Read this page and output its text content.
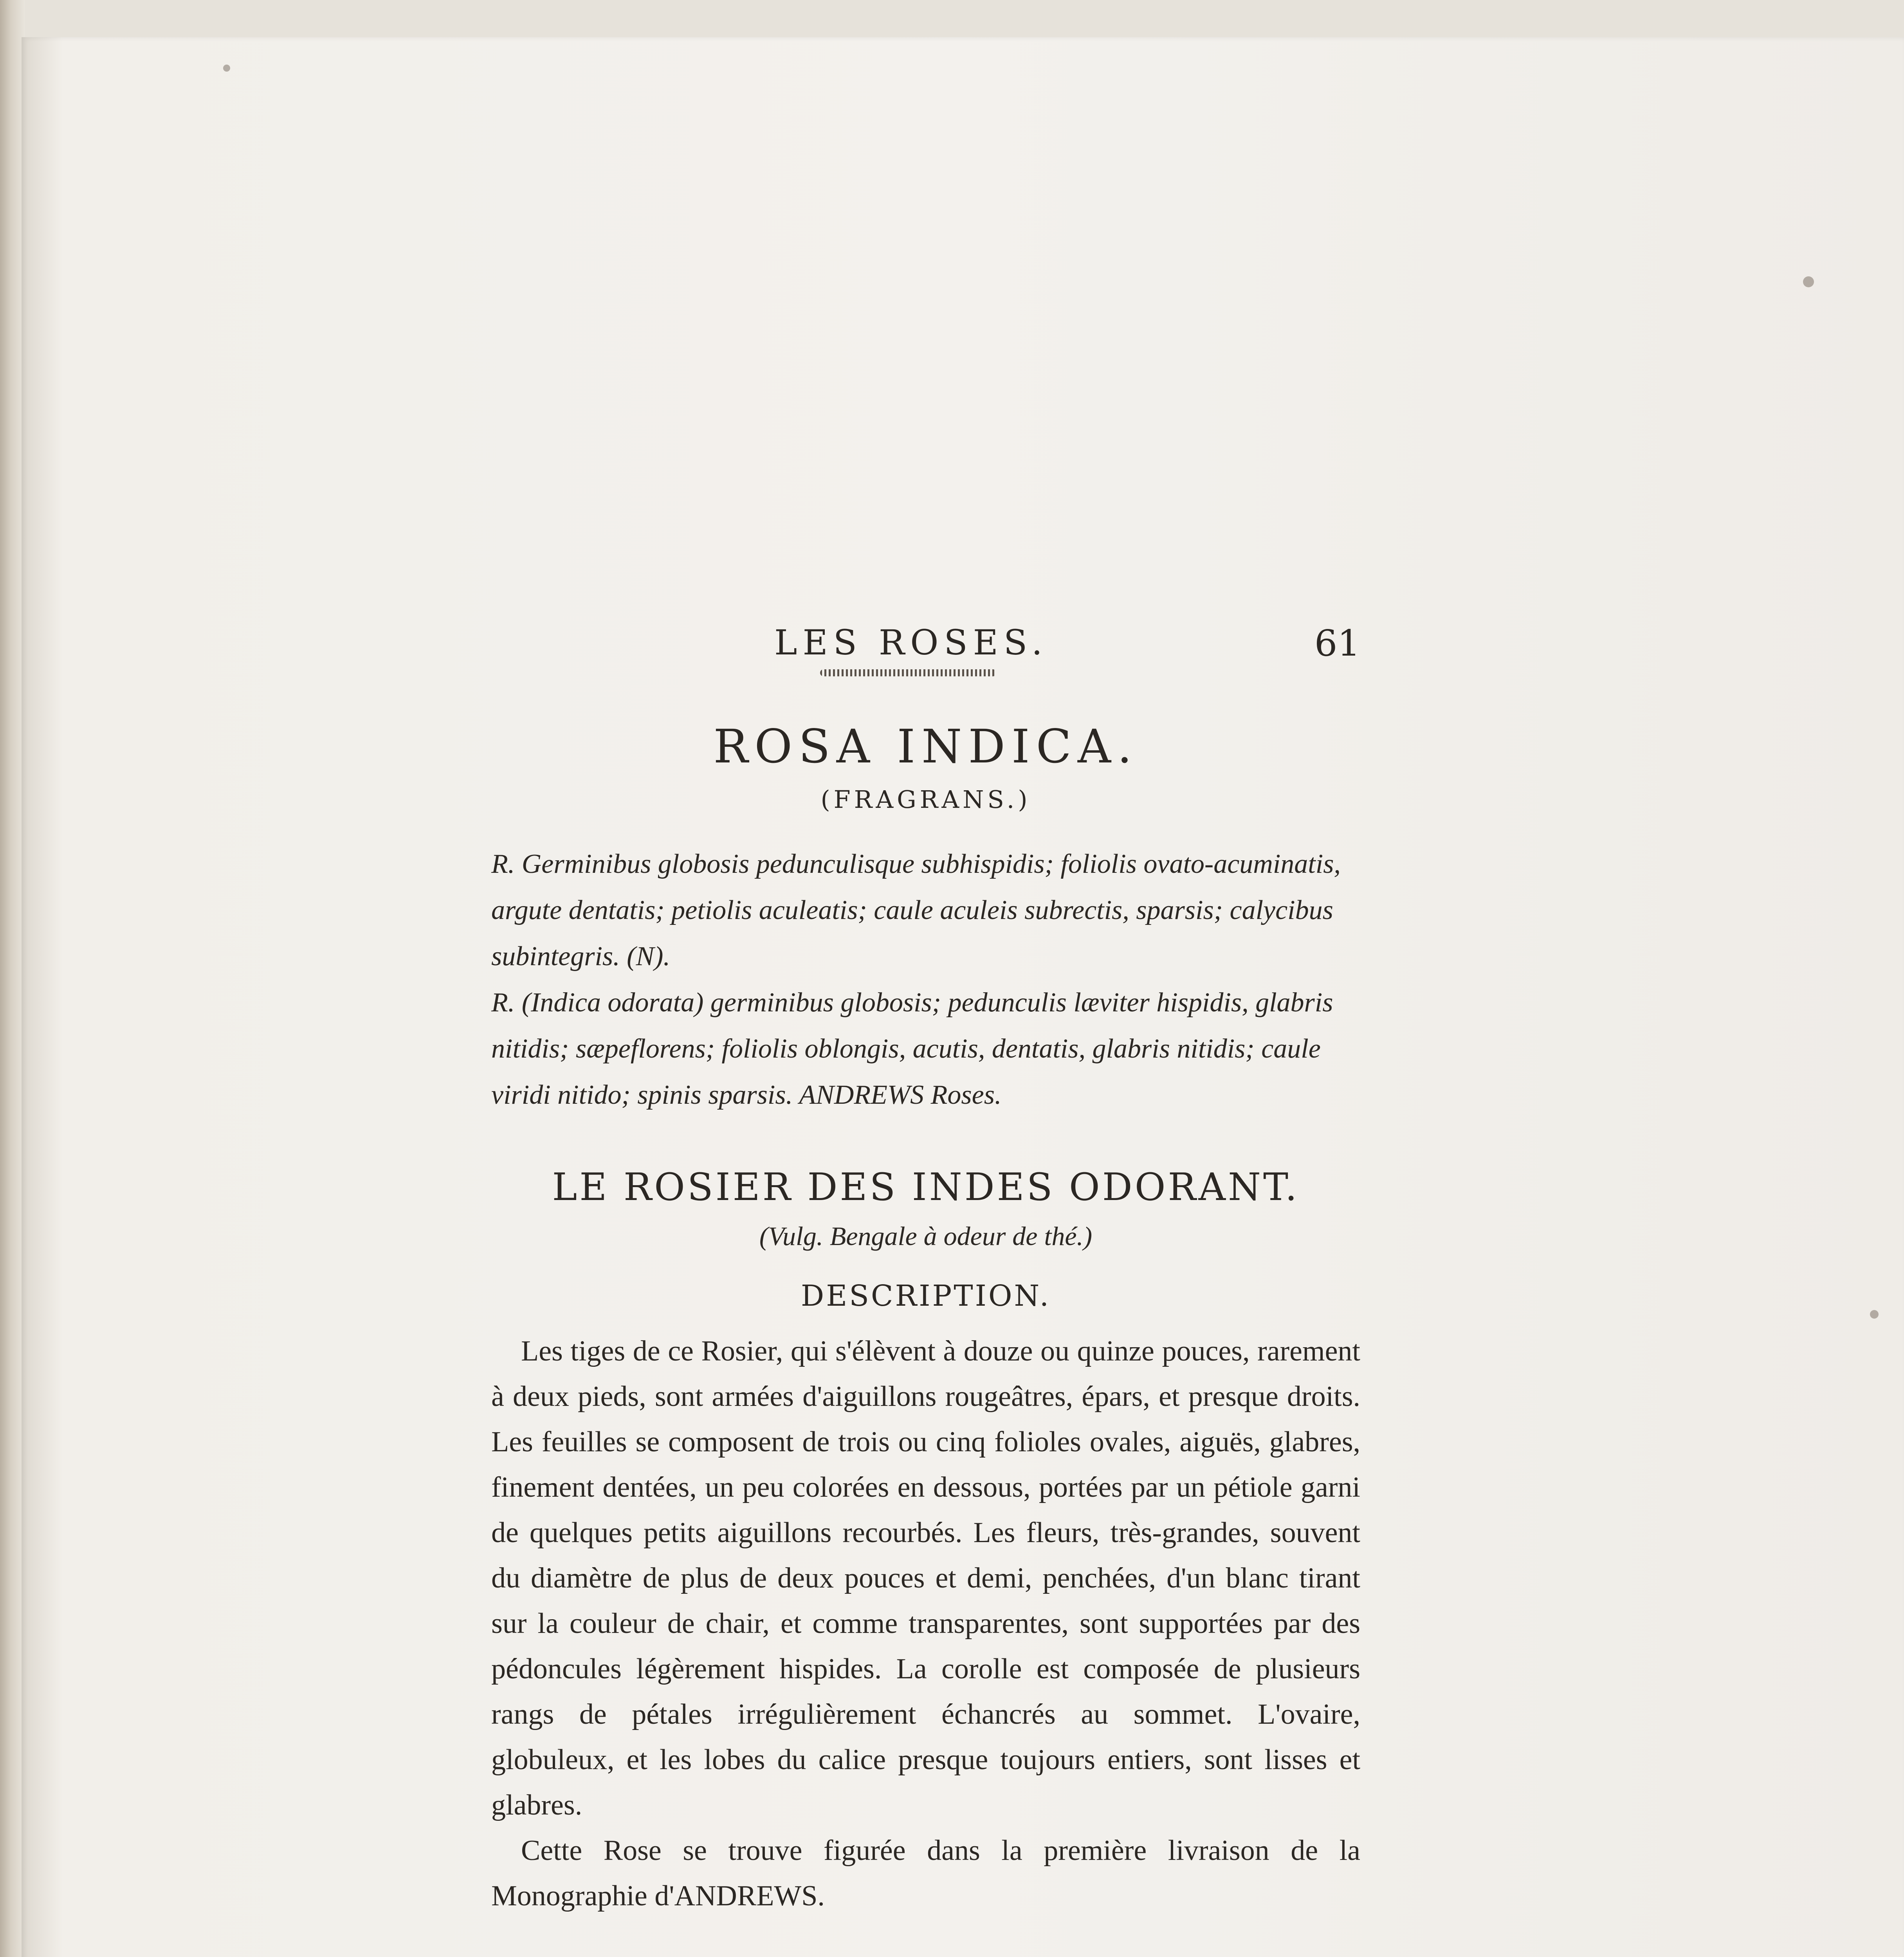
LES ROSES.	61
ROSA INDICA.
(FRAGRANS.)

R. Germinibus globosis pedunculisque subhispidis; foliolis ovato-acuminatis, argute dentatis; petiolis aculeatis; caule aculeis subrectis, sparsis; calycibus subintegris. (N).

R. (Indica odorata) germinibus globosis; pedunculis læviter hispidis, glabris nitidis; sæpeflorens; foliolis oblongis, acutis, dentatis, glabris nitidis; caule viridi nitido; spinis sparsis. ANDREWS Roses.

LE ROSIER DES INDES ODORANT.
(Vulg. Bengale à odeur de thé.)
DESCRIPTION.

Les tiges de ce Rosier, qui s'élèvent à douze ou quinze pouces, rarement à deux pieds, sont armées d'aiguillons rougeâtres, épars, et presque droits. Les feuilles se composent de trois ou cinq folioles ovales, aiguës, glabres, finement dentées, un peu colorées en dessous, portées par un pétiole garni de quelques petits aiguillons recourbés. Les fleurs, très-grandes, souvent du diamètre de plus de deux pouces et demi, penchées, d'un blanc tirant sur la couleur de chair, et comme transparentes, sont supportées par des pédoncules légèrement hispides. La corolle est composée de plusieurs rangs de pétales irrégulièrement échancrés au sommet. L'ovaire, globuleux, et les lobes du calice presque toujours entiers, sont lisses et glabres.

Cette Rose se trouve figurée dans la première livraison de la Monographie d'ANDREWS.
